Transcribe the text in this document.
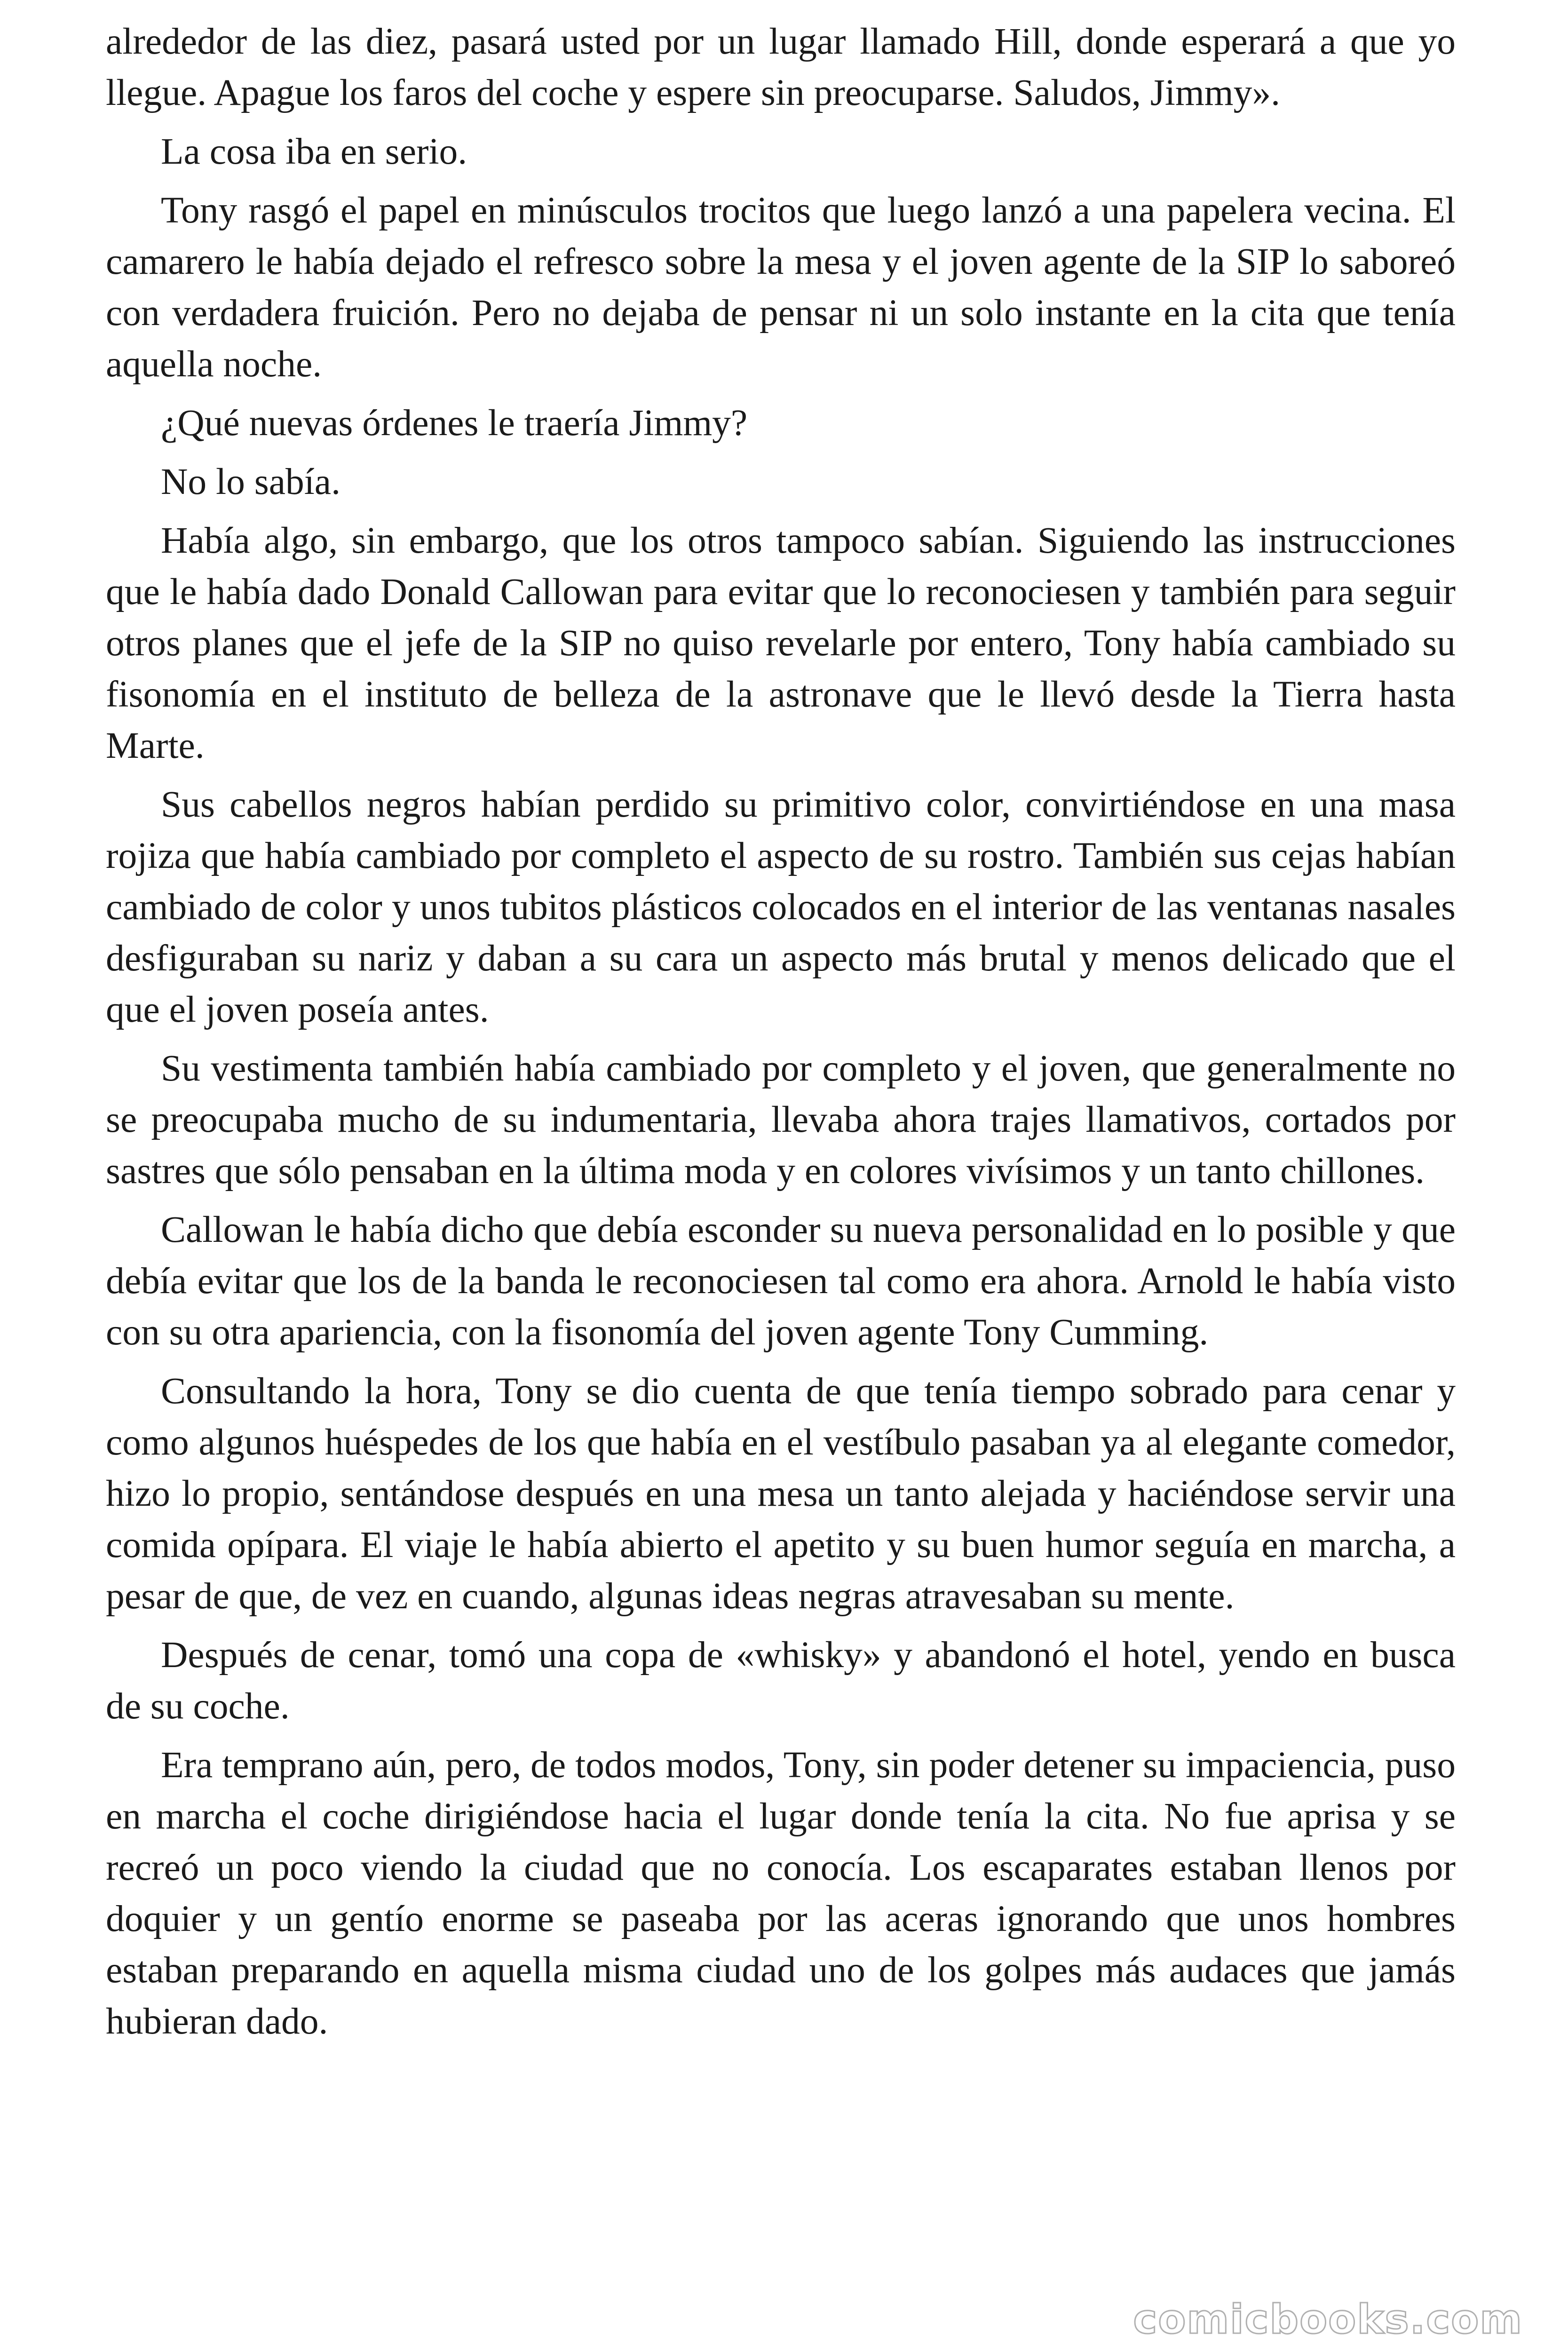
alrededor de las diez, pasará usted por un lugar llamado Hill, donde esperará a que yo llegue. Apague los faros del coche y espere sin preocuparse. Saludos, Jimmy».

La cosa iba en serio.

Tony rasgó el papel en minúsculos trocitos que luego lanzó a una papelera vecina. El camarero le había dejado el refresco sobre la mesa y el joven agente de la SIP lo saboreó con verdadera fruición. Pero no dejaba de pensar ni un solo instante en la cita que tenía aquella noche.

¿Qué nuevas órdenes le traería Jimmy?

No lo sabía.

Había algo, sin embargo, que los otros tampoco sabían. Siguiendo las instrucciones que le había dado Donald Callowan para evitar que lo reconociesen y también para seguir otros planes que el jefe de la SIP no quiso revelarle por entero, Tony había cambiado su fisonomía en el instituto de belleza de la astronave que le llevó desde la Tierra hasta Marte.

Sus cabellos negros habían perdido su primitivo color, convirtiéndose en una masa rojiza que había cambiado por completo el aspecto de su rostro. También sus cejas habían cambiado de color y unos tubitos plásticos colocados en el interior de las ventanas nasales desfiguraban su nariz y daban a su cara un aspecto más brutal y menos delicado que el que el joven poseía antes.

Su vestimenta también había cambiado por completo y el joven, que generalmente no se preocupaba mucho de su indumentaria, llevaba ahora trajes llamativos, cortados por sastres que sólo pensaban en la última moda y en colores vivísimos y un tanto chillones.

Callowan le había dicho que debía esconder su nueva personalidad en lo posible y que debía evitar que los de la banda le reconociesen tal como era ahora. Arnold le había visto con su otra apariencia, con la fisonomía del joven agente Tony Cumming.

Consultando la hora, Tony se dio cuenta de que tenía tiempo sobrado para cenar y como algunos huéspedes de los que había en el vestíbulo pasaban ya al elegante comedor, hizo lo propio, sentándose después en una mesa un tanto alejada y haciéndose servir una comida opípara. El viaje le había abierto el apetito y su buen humor seguía en marcha, a pesar de que, de vez en cuando, algunas ideas negras atravesaban su mente.

Después de cenar, tomó una copa de «whisky» y abandonó el hotel, yendo en busca de su coche.

Era temprano aún, pero, de todos modos, Tony, sin poder detener su impaciencia, puso en marcha el coche dirigiéndose hacia el lugar donde tenía la cita. No fue aprisa y se recreó un poco viendo la ciudad que no conocía. Los escaparates estaban llenos por doquier y un gentío enorme se paseaba por las aceras ignorando que unos hombres estaban preparando en aquella misma ciudad uno de los golpes más audaces que jamás hubieran dado.

comicbooks.com
